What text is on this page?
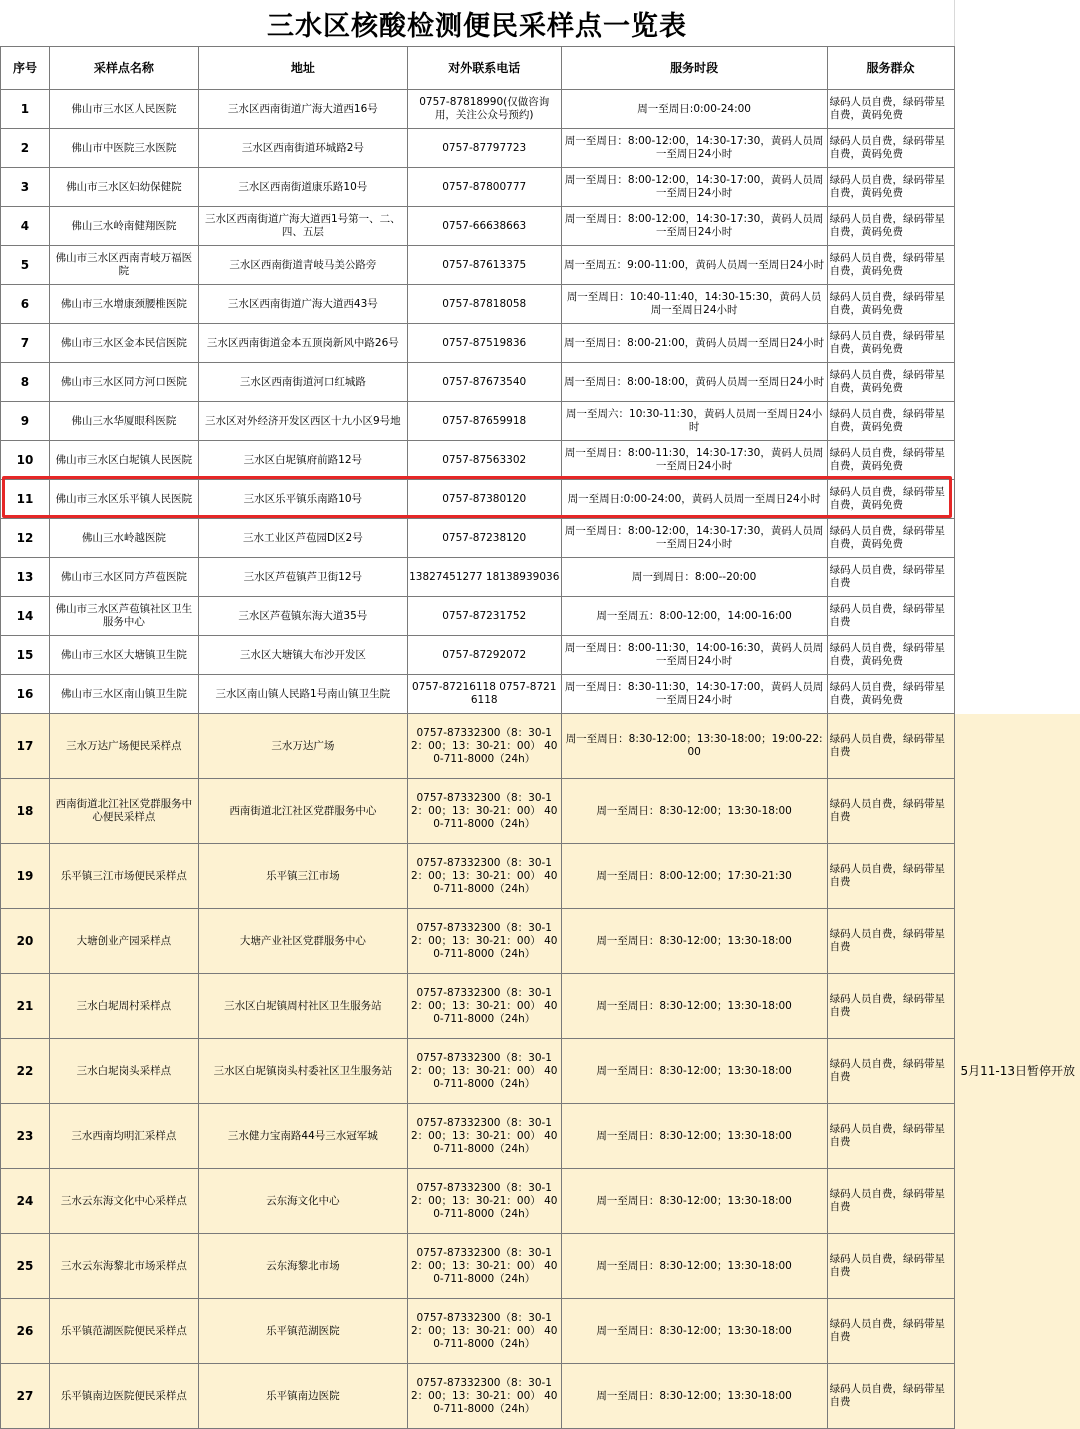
三水区核酸检测便民采样点一览表
序号	采样点名称	地址	对外联系电话	服务时段	服务群众	
1	佛山市三水区人民医院	三水区西南街道广海大道西16号	0757-87818990(仅做咨询用，关注公众号预约)	周一至周日:0:00-24:00	绿码人员自费，绿码带星自费，黄码免费	
2	佛山市中医院三水医院	三水区西南街道环城路2号	0757-87797723	周一至周日：8:00-12:00，14:30-17:30，黄码人员周一至周日24小时	绿码人员自费，绿码带星自费，黄码免费	
3	佛山市三水区妇幼保健院	三水区西南街道康乐路10号	0757-87800777	周一至周日：8:00-12:00，14:30-17:00，黄码人员周一至周日24小时	绿码人员自费，绿码带星自费，黄码免费	
4	佛山三水岭南健翔医院	三水区西南街道广海大道西1号第一、二、四、五层	0757-66638663	周一至周日：8:00-12:00，14:30-17:30，黄码人员周一至周日24小时	绿码人员自费，绿码带星自费，黄码免费	
5	佛山市三水区西南青岐万福医院	三水区西南街道青岐马美公路旁	0757-87613375	周一至周五：9:00-11:00，黄码人员周一至周日24小时	绿码人员自费，绿码带星自费，黄码免费	
6	佛山市三水增康颈腰椎医院	三水区西南街道广海大道西43号	0757-87818058	周一至周日：10:40-11:40，14:30-15:30，黄码人员周一至周日24小时	绿码人员自费，绿码带星自费，黄码免费	
7	佛山市三水区金本民信医院	三水区西南街道金本五顶岗新风中路26号	0757-87519836	周一至周日：8:00-21:00，黄码人员周一至周日24小时	绿码人员自费，绿码带星自费，黄码免费	
8	佛山市三水区同方河口医院	三水区西南街道河口红城路	0757-87673540	周一至周日：8:00-18:00，黄码人员周一至周日24小时	绿码人员自费，绿码带星自费，黄码免费	
9	佛山三水华厦眼科医院	三水区对外经济开发区西区十九小区9号地	0757-87659918	周一至周六：10:30-11:30，黄码人员周一至周日24小时	绿码人员自费，绿码带星自费，黄码免费	
10	佛山市三水区白坭镇人民医院	三水区白坭镇府前路12号	0757-87563302	周一至周日：8:00-11:30，14:30-17:30，黄码人员周一至周日24小时	绿码人员自费，绿码带星自费，黄码免费	
11	佛山市三水区乐平镇人民医院	三水区乐平镇乐南路10号	0757-87380120	周一至周日:0:00-24:00，黄码人员周一至周日24小时	绿码人员自费，绿码带星自费，黄码免费	
12	佛山三水岭越医院	三水工业区芦苞园D区2号	0757-87238120	周一至周日：8:00-12:00，14:30-17:30，黄码人员周一至周日24小时	绿码人员自费，绿码带星自费，黄码免费	
13	佛山市三水区同方芦苞医院	三水区芦苞镇芦卫街12号	13827451277 18138939036	周一到周日：8:00--20:00	绿码人员自费，绿码带星自费	
14	佛山市三水区芦苞镇社区卫生服务中心	三水区芦苞镇东海大道35号	0757-87231752	周一至周五：8:00-12:00，14:00-16:00	绿码人员自费，绿码带星自费	
15	佛山市三水区大塘镇卫生院	三水区大塘镇大布沙开发区	0757-87292072	周一至周日：8:00-11:30，14:00-16:30，黄码人员周一至周日24小时	绿码人员自费，绿码带星自费，黄码免费	
16	佛山市三水区南山镇卫生院	三水区南山镇人民路1号南山镇卫生院	0757-87216118 0757-87216118	周一至周日：8:30-11:30，14:30-17:00，黄码人员周一至周日24小时	绿码人员自费，绿码带星自费，黄码免费	
17	三水万达广场便民采样点	三水万达广场	0757-87332300（8：30-12：00；13：30-21：00） 400-711-8000（24h）	周一至周日：8:30-12:00；13:30-18:00；19:00-22:00	绿码人员自费，绿码带星自费	5月11-13日暂停开放
18	西南街道北江社区党群服务中心便民采样点	西南街道北江社区党群服务中心	0757-87332300（8：30-12：00；13：30-21：00） 400-711-8000（24h）	周一至周日：8:30-12:00；13:30-18:00	绿码人员自费，绿码带星自费	
19	乐平镇三江市场便民采样点	乐平镇三江市场	0757-87332300（8：30-12：00；13：30-21：00） 400-711-8000（24h）	周一至周日：8:00-12:00；17:30-21:30	绿码人员自费，绿码带星自费	
20	大塘创业产园采样点	大塘产业社区党群服务中心	0757-87332300（8：30-12：00；13：30-21：00） 400-711-8000（24h）	周一至周日：8:30-12:00；13:30-18:00	绿码人员自费，绿码带星自费	
21	三水白坭周村采样点	三水区白坭镇周村社区卫生服务站	0757-87332300（8：30-12：00；13：30-21：00） 400-711-8000（24h）	周一至周日：8:30-12:00；13:30-18:00	绿码人员自费，绿码带星自费	
22	三水白坭岗头采样点	三水区白坭镇岗头村委社区卫生服务站	0757-87332300（8：30-12：00；13：30-21：00） 400-711-8000（24h）	周一至周日：8:30-12:00；13:30-18:00	绿码人员自费，绿码带星自费	
23	三水西南均明汇采样点	三水健力宝南路44号三水冠军城	0757-87332300（8：30-12：00；13：30-21：00） 400-711-8000（24h）	周一至周日：8:30-12:00；13:30-18:00	绿码人员自费，绿码带星自费	
24	三水云东海文化中心采样点	云东海文化中心	0757-87332300（8：30-12：00；13：30-21：00） 400-711-8000（24h）	周一至周日：8:30-12:00；13:30-18:00	绿码人员自费，绿码带星自费	
25	三水云东海黎北市场采样点	云东海黎北市场	0757-87332300（8：30-12：00；13：30-21：00） 400-711-8000（24h）	周一至周日：8:30-12:00；13:30-18:00	绿码人员自费，绿码带星自费	
26	乐平镇范湖医院便民采样点	乐平镇范湖医院	0757-87332300（8：30-12：00；13：30-21：00） 400-711-8000（24h）	周一至周日：8:30-12:00；13:30-18:00	绿码人员自费，绿码带星自费	
27	乐平镇南边医院便民采样点	乐平镇南边医院	0757-87332300（8：30-12：00；13：30-21：00） 400-711-8000（24h）	周一至周日：8:30-12:00；13:30-18:00	绿码人员自费，绿码带星自费	
